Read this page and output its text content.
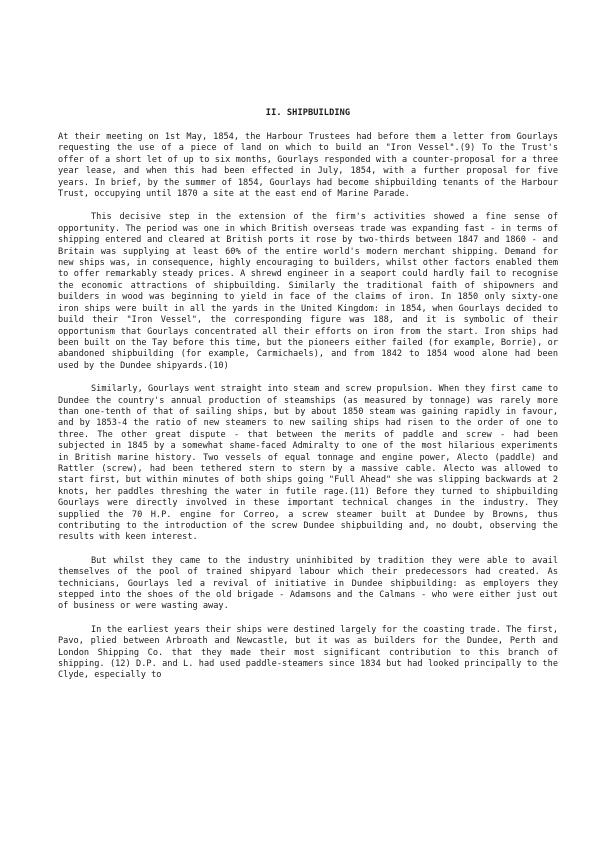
II. SHIPBUILDING

At their meeting on 1st May, 1854, the Harbour Trustees had before them a letter from Gourlays requesting the use of a piece of land on which to build an "Iron Vessel".(9) To the Trust's offer of a short let of up to six months, Gourlays responded with a counter-proposal for a three year lease, and when this had been effected in July, 1854, with a further proposal for five years. In brief, by the summer of 1854, Gourlays had become shipbuilding tenants of the Harbour Trust, occupying until 1870 a site at the east end of Marine Parade.

This decisive step in the extension of the firm's activities showed a fine sense of opportunity. The period was one in which British overseas trade was expanding fast - in terms of shipping entered and cleared at British ports it rose by two-thirds between 1847 and 1860 - and Britain was supplying at least 60% of the entire world's modern merchant shipping. Demand for new ships was, in consequence, highly encouraging to builders, whilst other factors enabled them to offer remarkably steady prices. A shrewd engineer in a seaport could hardly fail to recognise the economic attractions of shipbuilding. Similarly the traditional faith of shipowners and builders in wood was beginning to yield in face of the claims of iron. In 1850 only sixty-one iron ships were built in all the yards in the United Kingdom: in 1854, when Gourlays decided to build their "Iron Vessel", the corresponding figure was 188, and it is symbolic of their opportunism that Gourlays concentrated all their efforts on iron from the start. Iron ships had been built on the Tay before this time, but the pioneers either failed (for example, Borrie), or abandoned shipbuilding (for example, Carmichaels), and from 1842 to 1854 wood alone had been used by the Dundee shipyards.(10)

Similarly, Gourlays went straight into steam and screw propulsion. When they first came to Dundee the country's annual production of steamships (as measured by tonnage) was rarely more than one-tenth of that of sailing ships, but by about 1850 steam was gaining rapidly in favour, and by 1853-4 the ratio of new steamers to new sailing ships had risen to the order of one to three. The other great dispute - that between the merits of paddle and screw - had been subjected in 1845 by a somewhat shame-faced Admiralty to one of the most hilarious experiments in British marine history. Two vessels of equal tonnage and engine power, Alecto (paddle) and Rattler (screw), had been tethered stern to stern by a massive cable. Alecto was allowed to start first, but within minutes of both ships going "Full Ahead" she was slipping backwards at 2 knots, her paddles threshing the water in futile rage.(11) Before they turned to shipbuilding Gourlays were directly involved in these important technical changes in the industry. They supplied the 70 H.P. engine for Correo, a screw steamer built at Dundee by Browns, thus contributing to the introduction of the screw Dundee shipbuilding and, no doubt, observing the results with keen interest.

But whilst they came to the industry uninhibited by tradition they were able to avail themselves of the pool of trained shipyard labour which their predecessors had created. As technicians, Gourlays led a revival of initiative in Dundee shipbuilding: as employers they stepped into the shoes of the old brigade - Adamsons and the Calmans - who were either just out of business or were wasting away.

In the earliest years their ships were destined largely for the coasting trade. The first, Pavo, plied between Arbroath and Newcastle, but it was as builders for the Dundee, Perth and London Shipping Co. that they made their most significant contribution to this branch of shipping. (12) D.P. and L. had used paddle-steamers since 1834 but had looked principally to the Clyde, especially to
